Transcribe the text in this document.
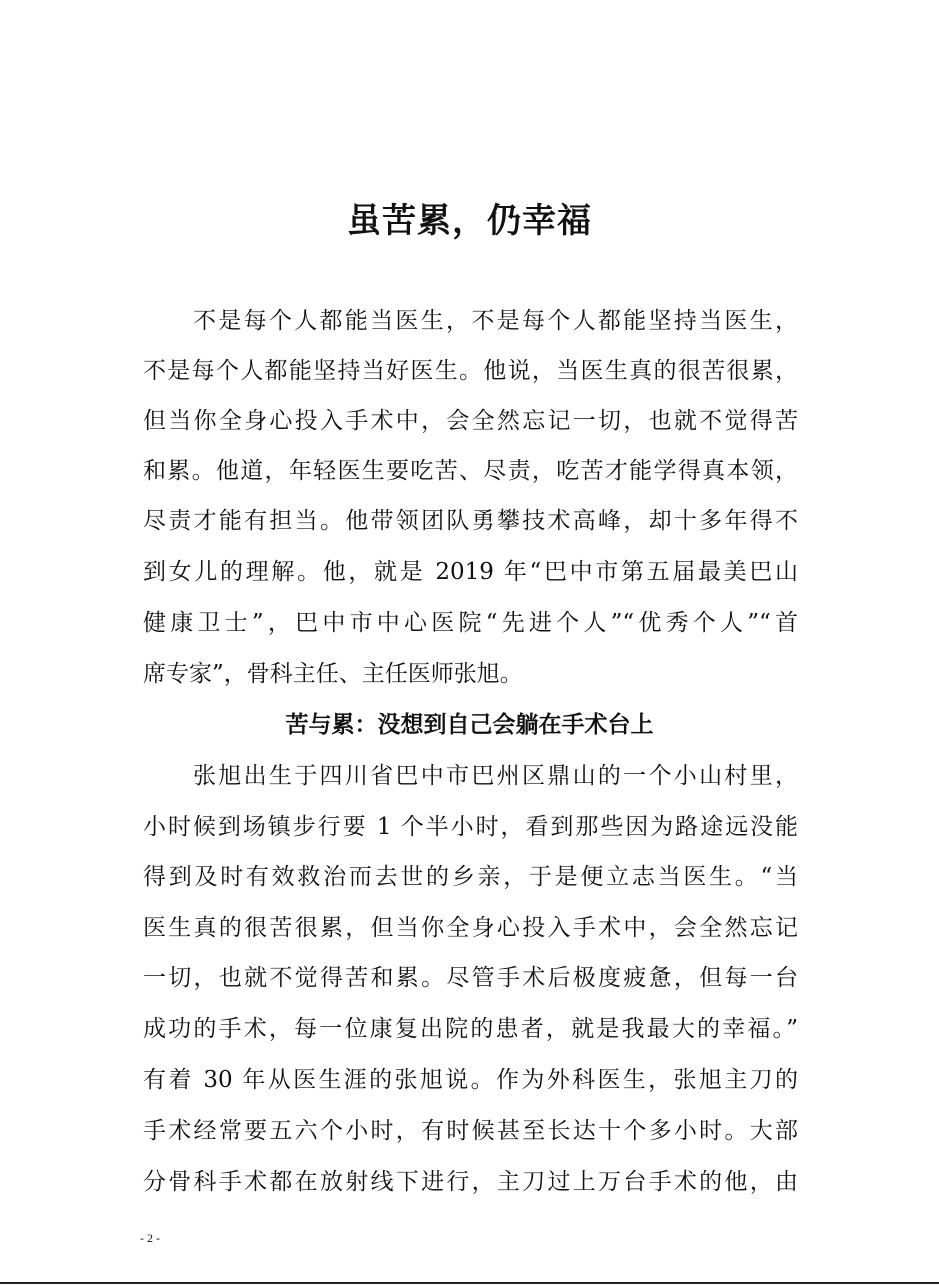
虽苦累，仍幸福
不是每个人都能当医生，不是每个人都能坚持当医生，
不是每个人都能坚持当好医生。他说，当医生真的很苦很累，
但当你全身心投入手术中，会全然忘记一切，也就不觉得苦
和累。他道，年轻医生要吃苦、尽责，吃苦才能学得真本领，
尽责才能有担当。他带领团队勇攀技术高峰，却十多年得不
到女儿的理解。他，就是 2019 年“巴中市第五届最美巴山
健康卫士”，巴中市中心医院“先进个人”“优秀个人”“首
席专家”，骨科主任、主任医师张旭。
苦与累：没想到自己会躺在手术台上
张旭出生于四川省巴中市巴州区鼎山的一个小山村里，
小时候到场镇步行要 1 个半小时，看到那些因为路途远没能
得到及时有效救治而去世的乡亲，于是便立志当医生。“当
医生真的很苦很累，但当你全身心投入手术中，会全然忘记
一切，也就不觉得苦和累。尽管手术后极度疲惫，但每一台
成功的手术，每一位康复出院的患者，就是我最大的幸福。”
有着 30 年从医生涯的张旭说。作为外科医生，张旭主刀的
手术经常要五六个小时，有时候甚至长达十个多小时。大部
分骨科手术都在放射线下进行，主刀过上万台手术的他，由
- 2 -
